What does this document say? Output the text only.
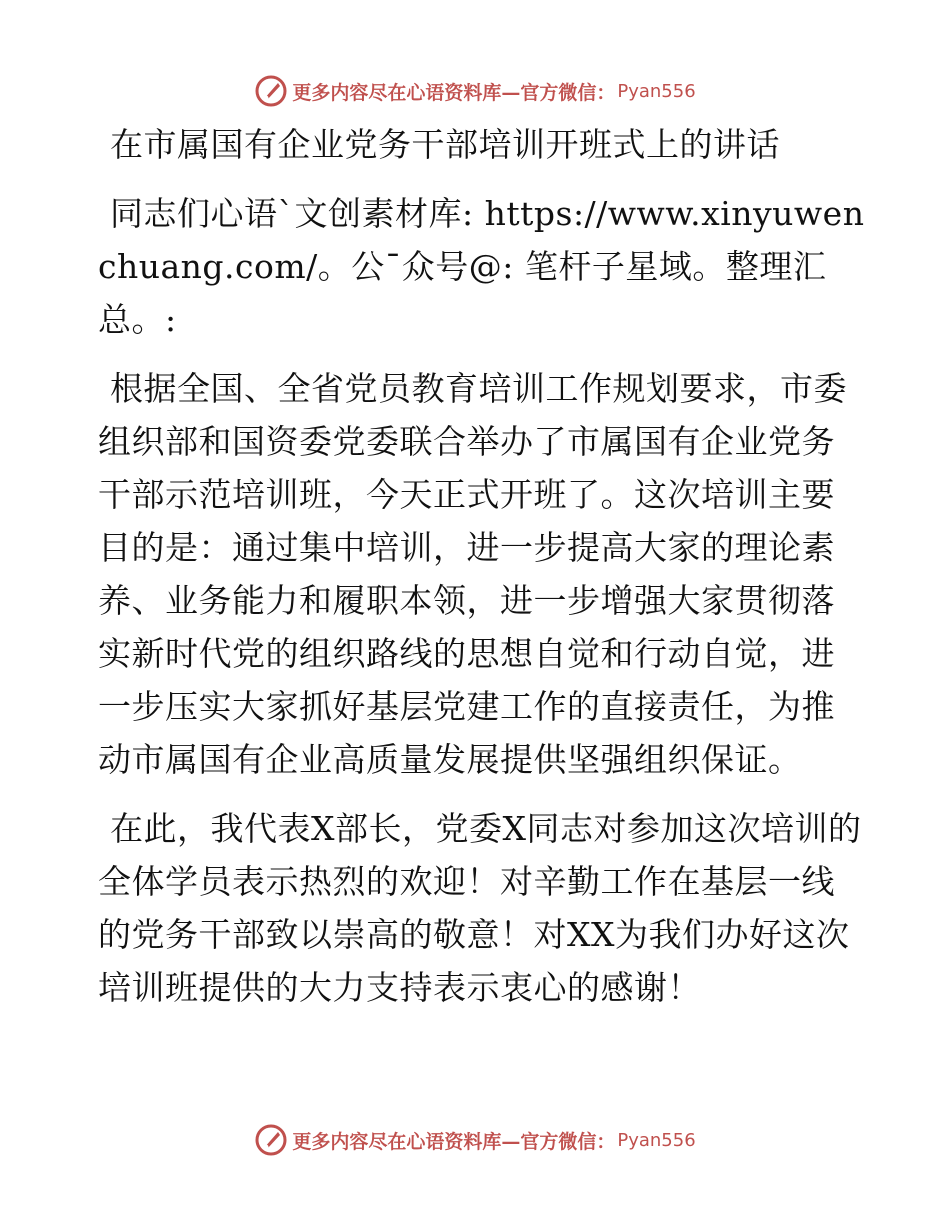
更多内容尽在心语资料库—官方微信： Pyan556

在市属国有企业党务干部培训开班式上的讲话

同志们心语`文创素材库: https://www.xinyuwenchuang.com/。公¯众号@: 笔杆子星域。整理汇总。:

根据全国、全省党员教育培训工作规划要求，市委组织部和国资委党委联合举办了市属国有企业党务干部示范培训班，今天正式开班了。这次培训主要目的是：通过集中培训，进一步提高大家的理论素养、业务能力和履职本领，进一步增强大家贯彻落实新时代党的组织路线的思想自觉和行动自觉，进一步压实大家抓好基层党建工作的直接责任，为推动市属国有企业高质量发展提供坚强组织保证。

在此，我代表X部长，党委X同志对参加这次培训的全体学员表示热烈的欢迎！对辛勤工作在基层一线的党务干部致以崇高的敬意！对XX为我们办好这次培训班提供的大力支持表示衷心的感谢！

更多内容尽在心语资料库—官方微信： Pyan556
